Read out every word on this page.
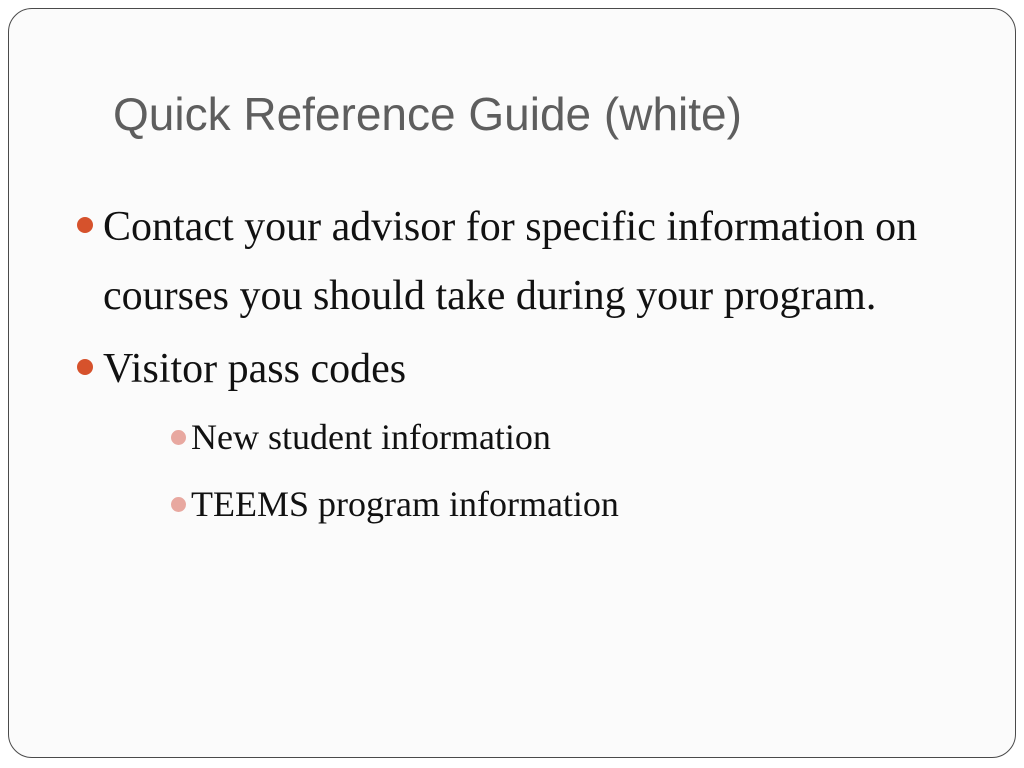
Quick Reference Guide (white)
Contact your advisor for specific information on courses you should take during your program.
Visitor pass codes
New student information
TEEMS program information
